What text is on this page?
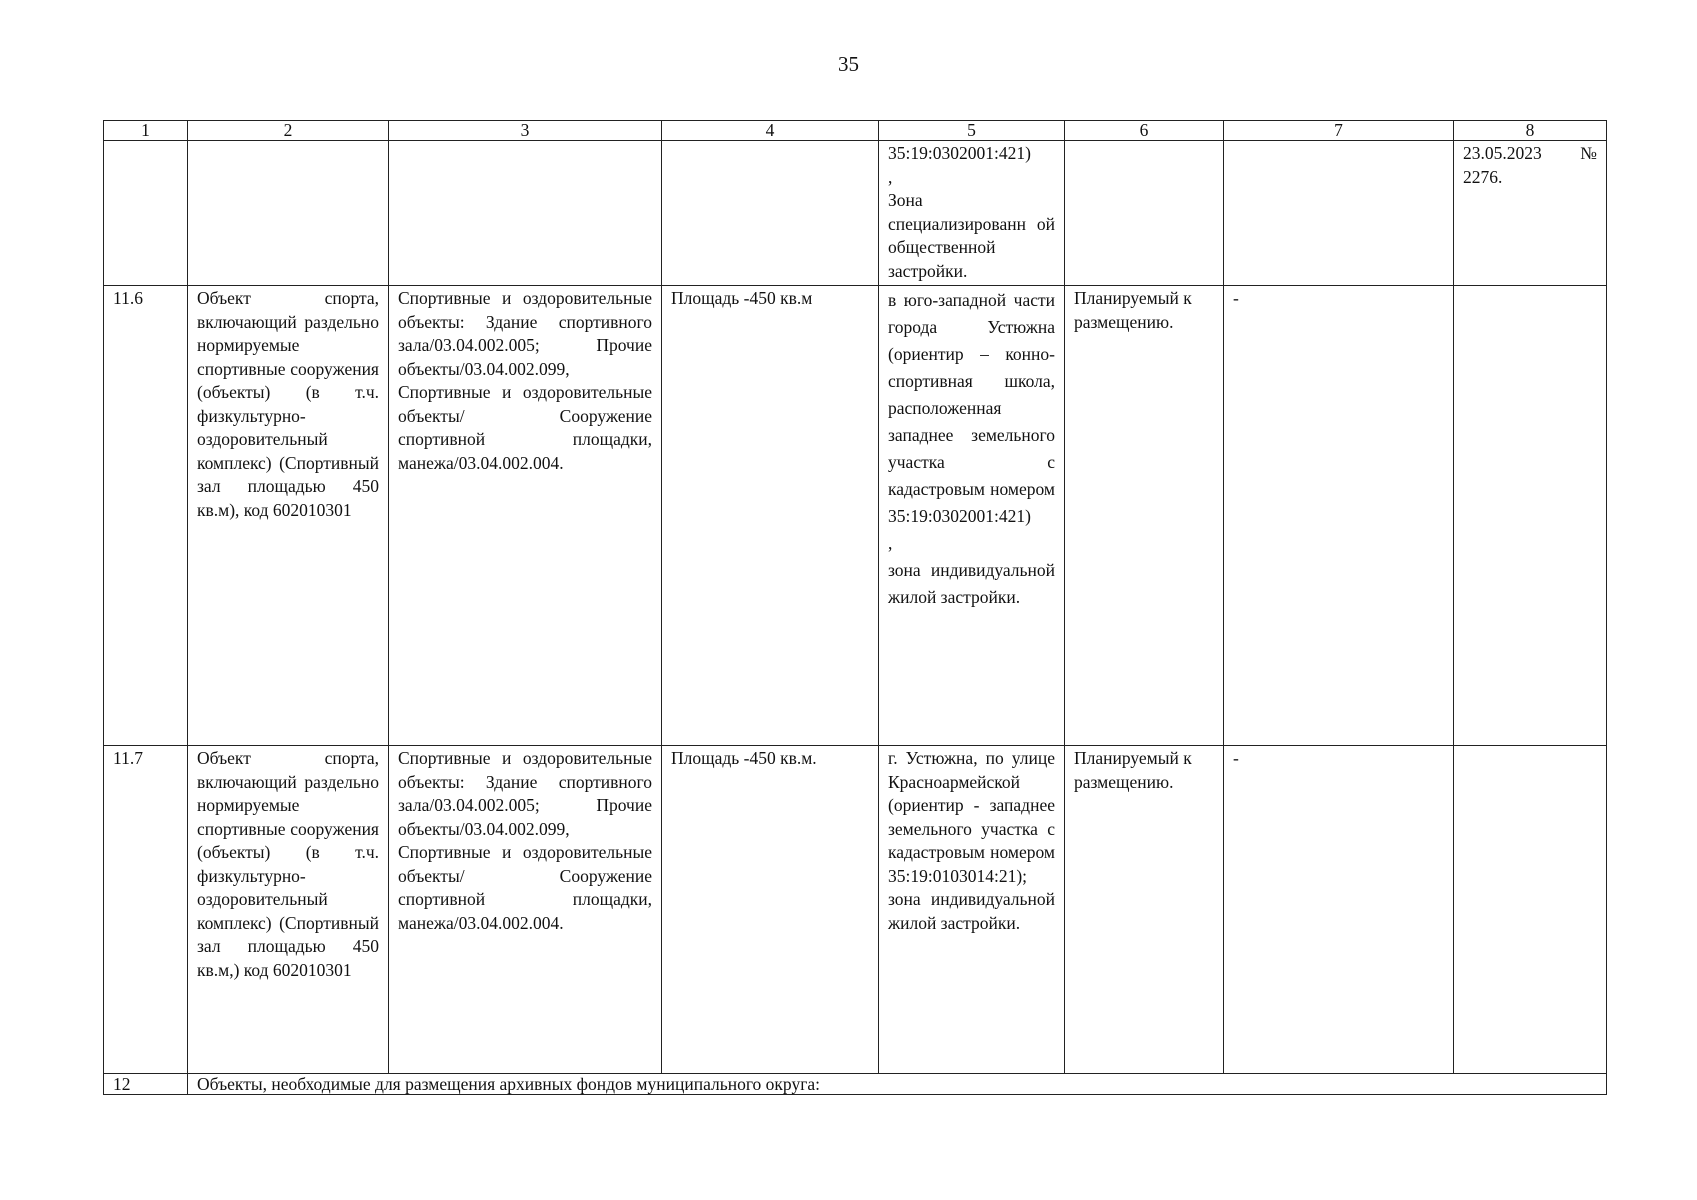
35
1	2	3	4	5	6	7	8
				35:19:0302001:421)
,
Зона специализированн ой общественной застройки.			23.05.2023 № 2276.
11.6	Объект спорта, включающий раздельно нормируемые спортивные сооружения (объекты) (в т.ч. физкультурно-оздоровительный комплекс) (Спортивный зал площадью 450 кв.м), код 602010301	Спортивные и оздоровительные объекты: Здание спортивного зала/03.04.002.005; Прочие объекты/03.04.002.099, Спортивные и оздоровительные объекты/ Сооружение спортивной площадки, манежа/03.04.002.004.	Площадь -450 кв.м	в юго-западной части города Устюжна (ориентир – конно-спортивная школа, расположенная западнее земельного участка с кадастровым номером 35:19:0302001:421)
,
зона индивидуальной жилой застройки.	Планируемый к размещению.	-	
11.7	Объект спорта, включающий раздельно нормируемые спортивные сооружения (объекты) (в т.ч. физкультурно-оздоровительный комплекс) (Спортивный зал площадью 450 кв.м,) код 602010301	Спортивные и оздоровительные объекты: Здание спортивного зала/03.04.002.005; Прочие объекты/03.04.002.099, Спортивные и оздоровительные объекты/ Сооружение спортивной площадки, манежа/03.04.002.004.	Площадь -450 кв.м.	г. Устюжна, по улице Красноармейской (ориентир - западнее земельного участка с кадастровым номером 35:19:0103014:21); зона индивидуальной жилой застройки.	Планируемый к размещению.	-	
12	Объекты, необходимые для размещения архивных фондов муниципального округа:						
